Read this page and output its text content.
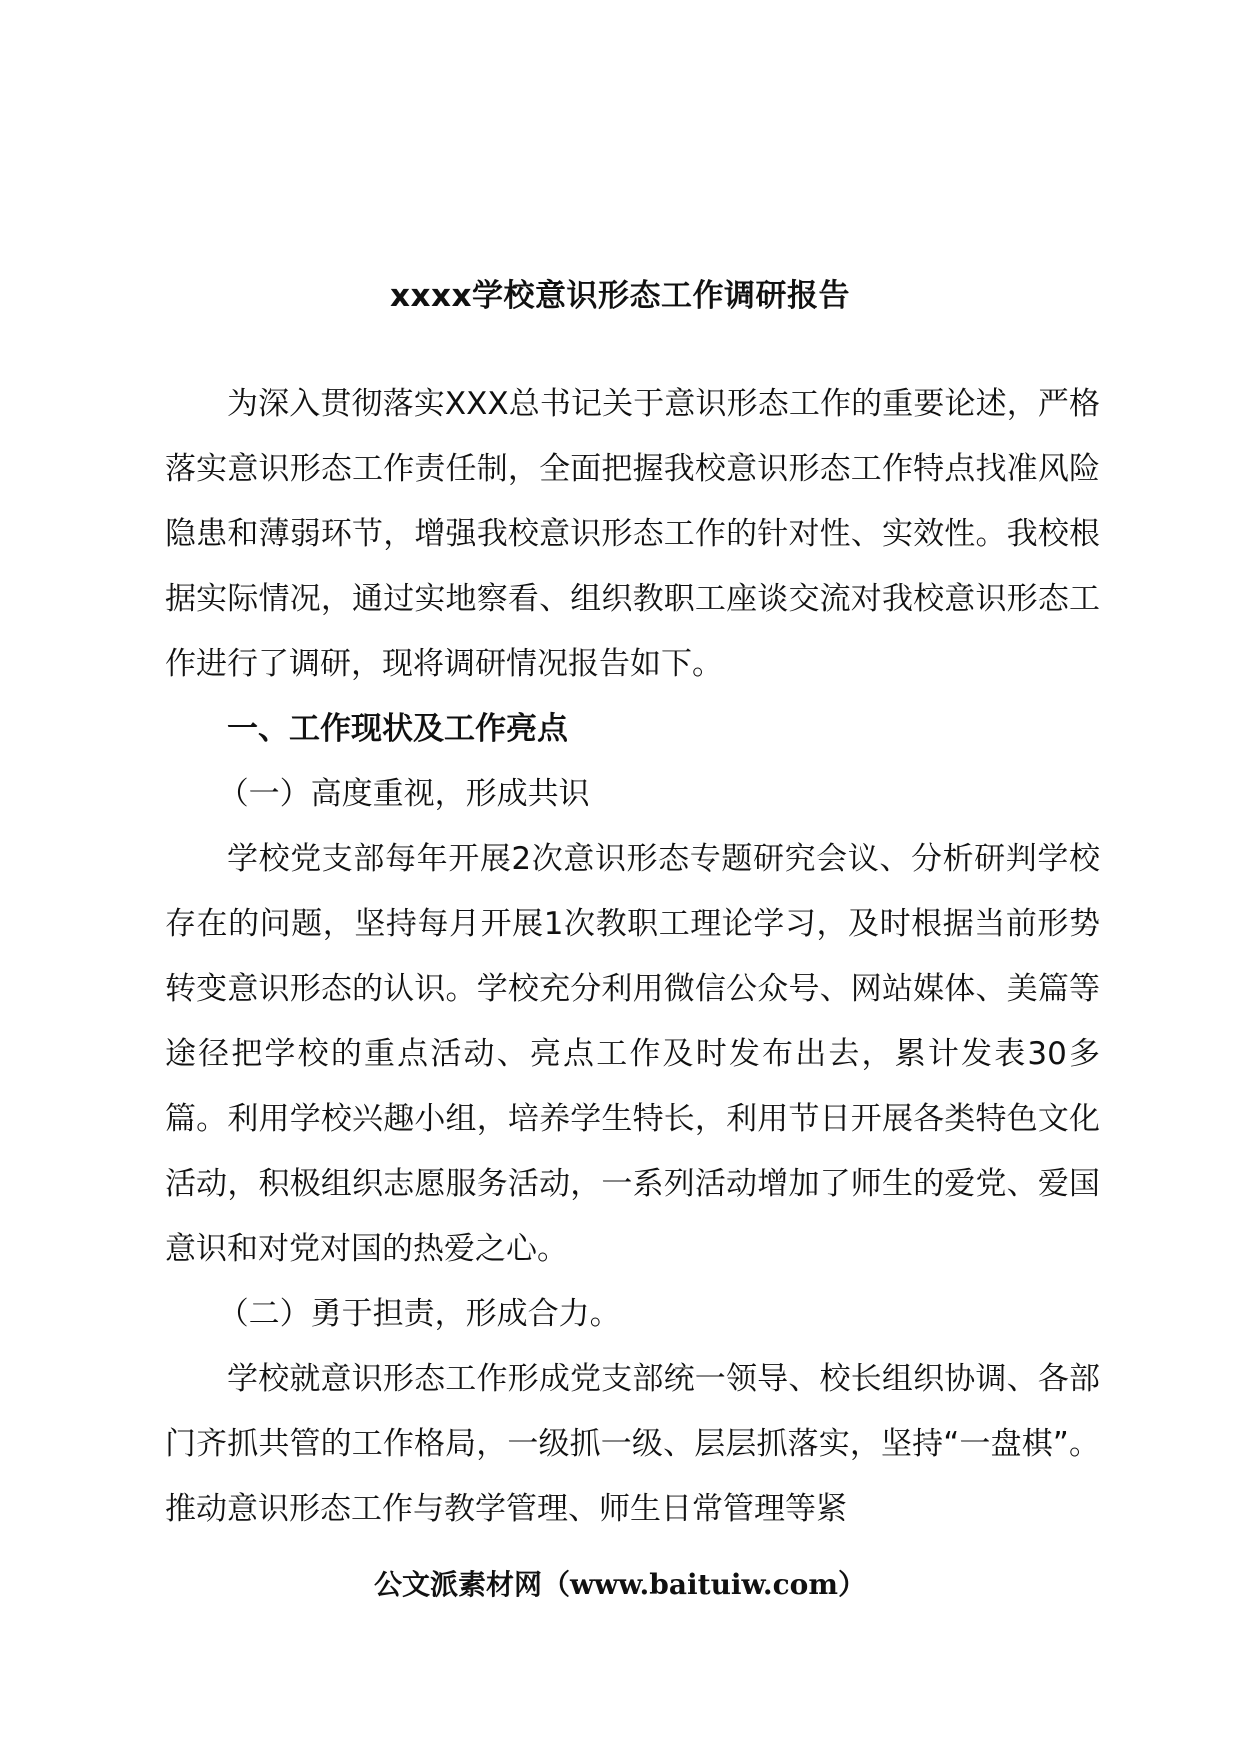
xxxx学校意识形态工作调研报告

为深入贯彻落实XXX总书记关于意识形态工作的重要论述，严格落实意识形态工作责任制，全面把握我校意识形态工作特点找准风险隐患和薄弱环节，增强我校意识形态工作的针对性、实效性。我校根据实际情况，通过实地察看、组织教职工座谈交流对我校意识形态工作进行了调研，现将调研情况报告如下。

一、工作现状及工作亮点

（一）高度重视，形成共识

学校党支部每年开展2次意识形态专题研究会议、分析研判学校存在的问题，坚持每月开展1次教职工理论学习，及时根据当前形势转变意识形态的认识。学校充分利用微信公众号、网站媒体、美篇等途径把学校的重点活动、亮点工作及时发布出去，累计发表30多篇。利用学校兴趣小组，培养学生特长，利用节日开展各类特色文化活动，积极组织志愿服务活动，一系列活动增加了师生的爱党、爱国意识和对党对国的热爱之心。

（二）勇于担责，形成合力。

学校就意识形态工作形成党支部统一领导、校长组织协调、各部门齐抓共管的工作格局，一级抓一级、层层抓落实，坚持“一盘棋”。推动意识形态工作与教学管理、师生日常管理等紧

公文派素材网（www.baituiw.com）
